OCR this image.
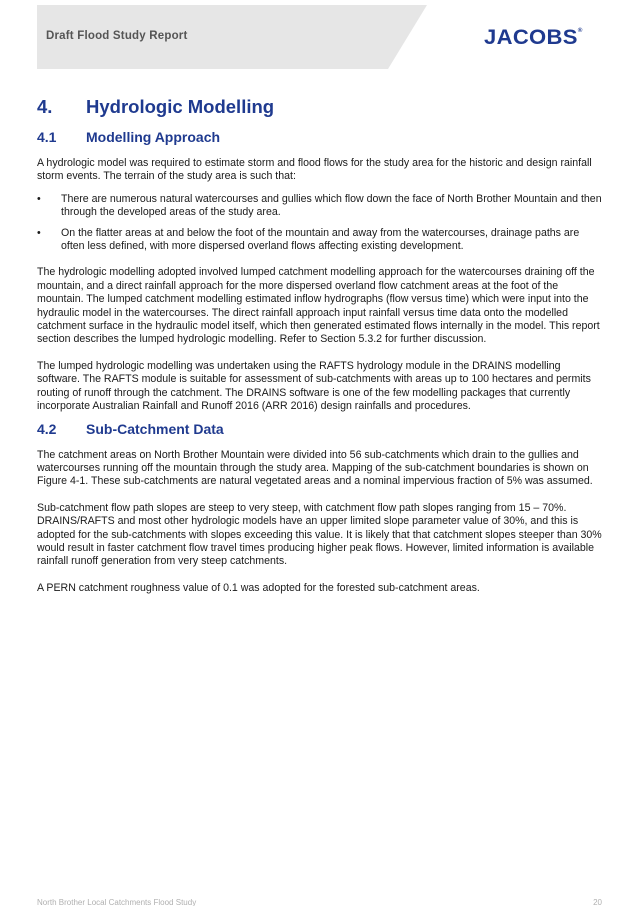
Draft Flood Study Report	JACOBS®
4.	Hydrologic Modelling
4.1	Modelling Approach

A hydrologic model was required to estimate storm and flood flows for the study area for the historic and design rainfall storm events. The terrain of the study area is such that:

• There are numerous natural watercourses and gullies which flow down the face of North Brother Mountain and then through the developed areas of the study area.
• On the flatter areas at and below the foot of the mountain and away from the watercourses, drainage paths are often less defined, with more dispersed overland flows affecting existing development.

The hydrologic modelling adopted involved lumped catchment modelling approach for the watercourses draining off the mountain, and a direct rainfall approach for the more dispersed overland flow catchment areas at the foot of the mountain. The lumped catchment modelling estimated inflow hydrographs (flow versus time) which were input into the hydraulic model in the watercourses. The direct rainfall approach input rainfall versus time data onto the modelled catchment surface in the hydraulic model itself, which then generated estimated flows internally in the model. This report section describes the lumped hydrologic modelling. Refer to Section 5.3.2 for further discussion.

The lumped hydrologic modelling was undertaken using the RAFTS hydrology module in the DRAINS modelling software. The RAFTS module is suitable for assessment of sub-catchments with areas up to 100 hectares and permits routing of runoff through the catchment. The DRAINS software is one of the few modelling packages that currently incorporate Australian Rainfall and Runoff 2016 (ARR 2016) design rainfalls and procedures.

4.2	Sub-Catchment Data

The catchment areas on North Brother Mountain were divided into 56 sub-catchments which drain to the gullies and watercourses running off the mountain through the study area. Mapping of the sub-catchment boundaries is shown on Figure 4-1. These sub-catchments are natural vegetated areas and a nominal impervious fraction of 5% was assumed.

Sub-catchment flow path slopes are steep to very steep, with catchment flow path slopes ranging from 15 – 70%. DRAINS/RAFTS and most other hydrologic models have an upper limited slope parameter value of 30%, and this is adopted for the sub-catchments with slopes exceeding this value. It is likely that that catchment slopes steeper than 30% would result in faster catchment flow travel times producing higher peak flows. However, limited information is available rainfall runoff generation from very steep catchments.

A PERN catchment roughness value of 0.1 was adopted for the forested sub-catchment areas.

North Brother Local Catchments Flood Study	20
